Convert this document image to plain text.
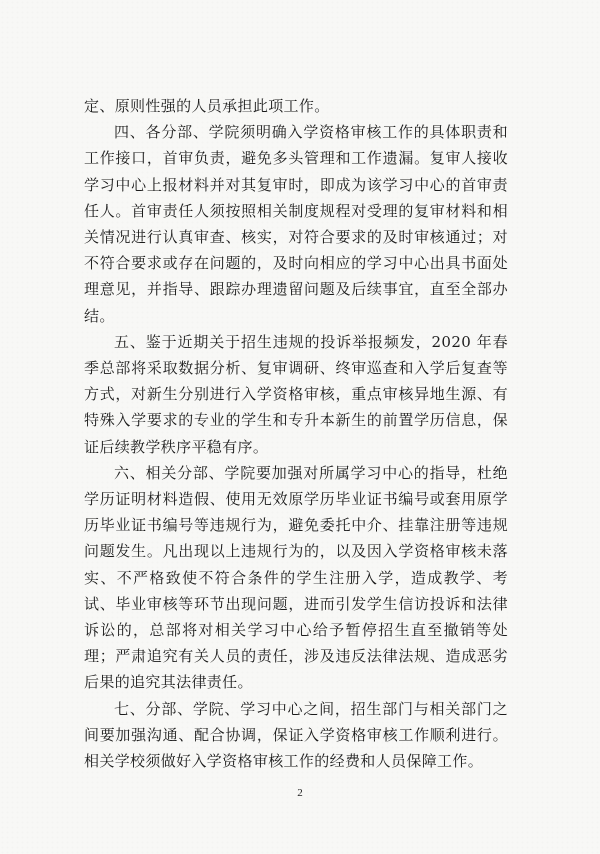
定、原则性强的人员承担此项工作。

四、各分部、学院须明确入学资格审核工作的具体职责和工作接口，首审负责，避免多头管理和工作遗漏。复审人接收学习中心上报材料并对其复审时，即成为该学习中心的首审责任人。首审责任人须按照相关制度规程对受理的复审材料和相关情况进行认真审查、核实，对符合要求的及时审核通过；对不符合要求或存在问题的，及时向相应的学习中心出具书面处理意见，并指导、跟踪办理遗留问题及后续事宜，直至全部办结。

五、鉴于近期关于招生违规的投诉举报频发，2020 年春季总部将采取数据分析、复审调研、终审巡查和入学后复查等方式，对新生分别进行入学资格审核，重点审核异地生源、有特殊入学要求的专业的学生和专升本新生的前置学历信息，保证后续教学秩序平稳有序。

六、相关分部、学院要加强对所属学习中心的指导，杜绝学历证明材料造假、使用无效原学历毕业证书编号或套用原学历毕业证书编号等违规行为，避免委托中介、挂靠注册等违规问题发生。凡出现以上违规行为的，以及因入学资格审核未落实、不严格致使不符合条件的学生注册入学，造成教学、考试、毕业审核等环节出现问题，进而引发学生信访投诉和法律诉讼的，总部将对相关学习中心给予暂停招生直至撤销等处理；严肃追究有关人员的责任，涉及违反法律法规、造成恶劣后果的追究其法律责任。

七、分部、学院、学习中心之间，招生部门与相关部门之间要加强沟通、配合协调，保证入学资格审核工作顺利进行。相关学校须做好入学资格审核工作的经费和人员保障工作。

2
